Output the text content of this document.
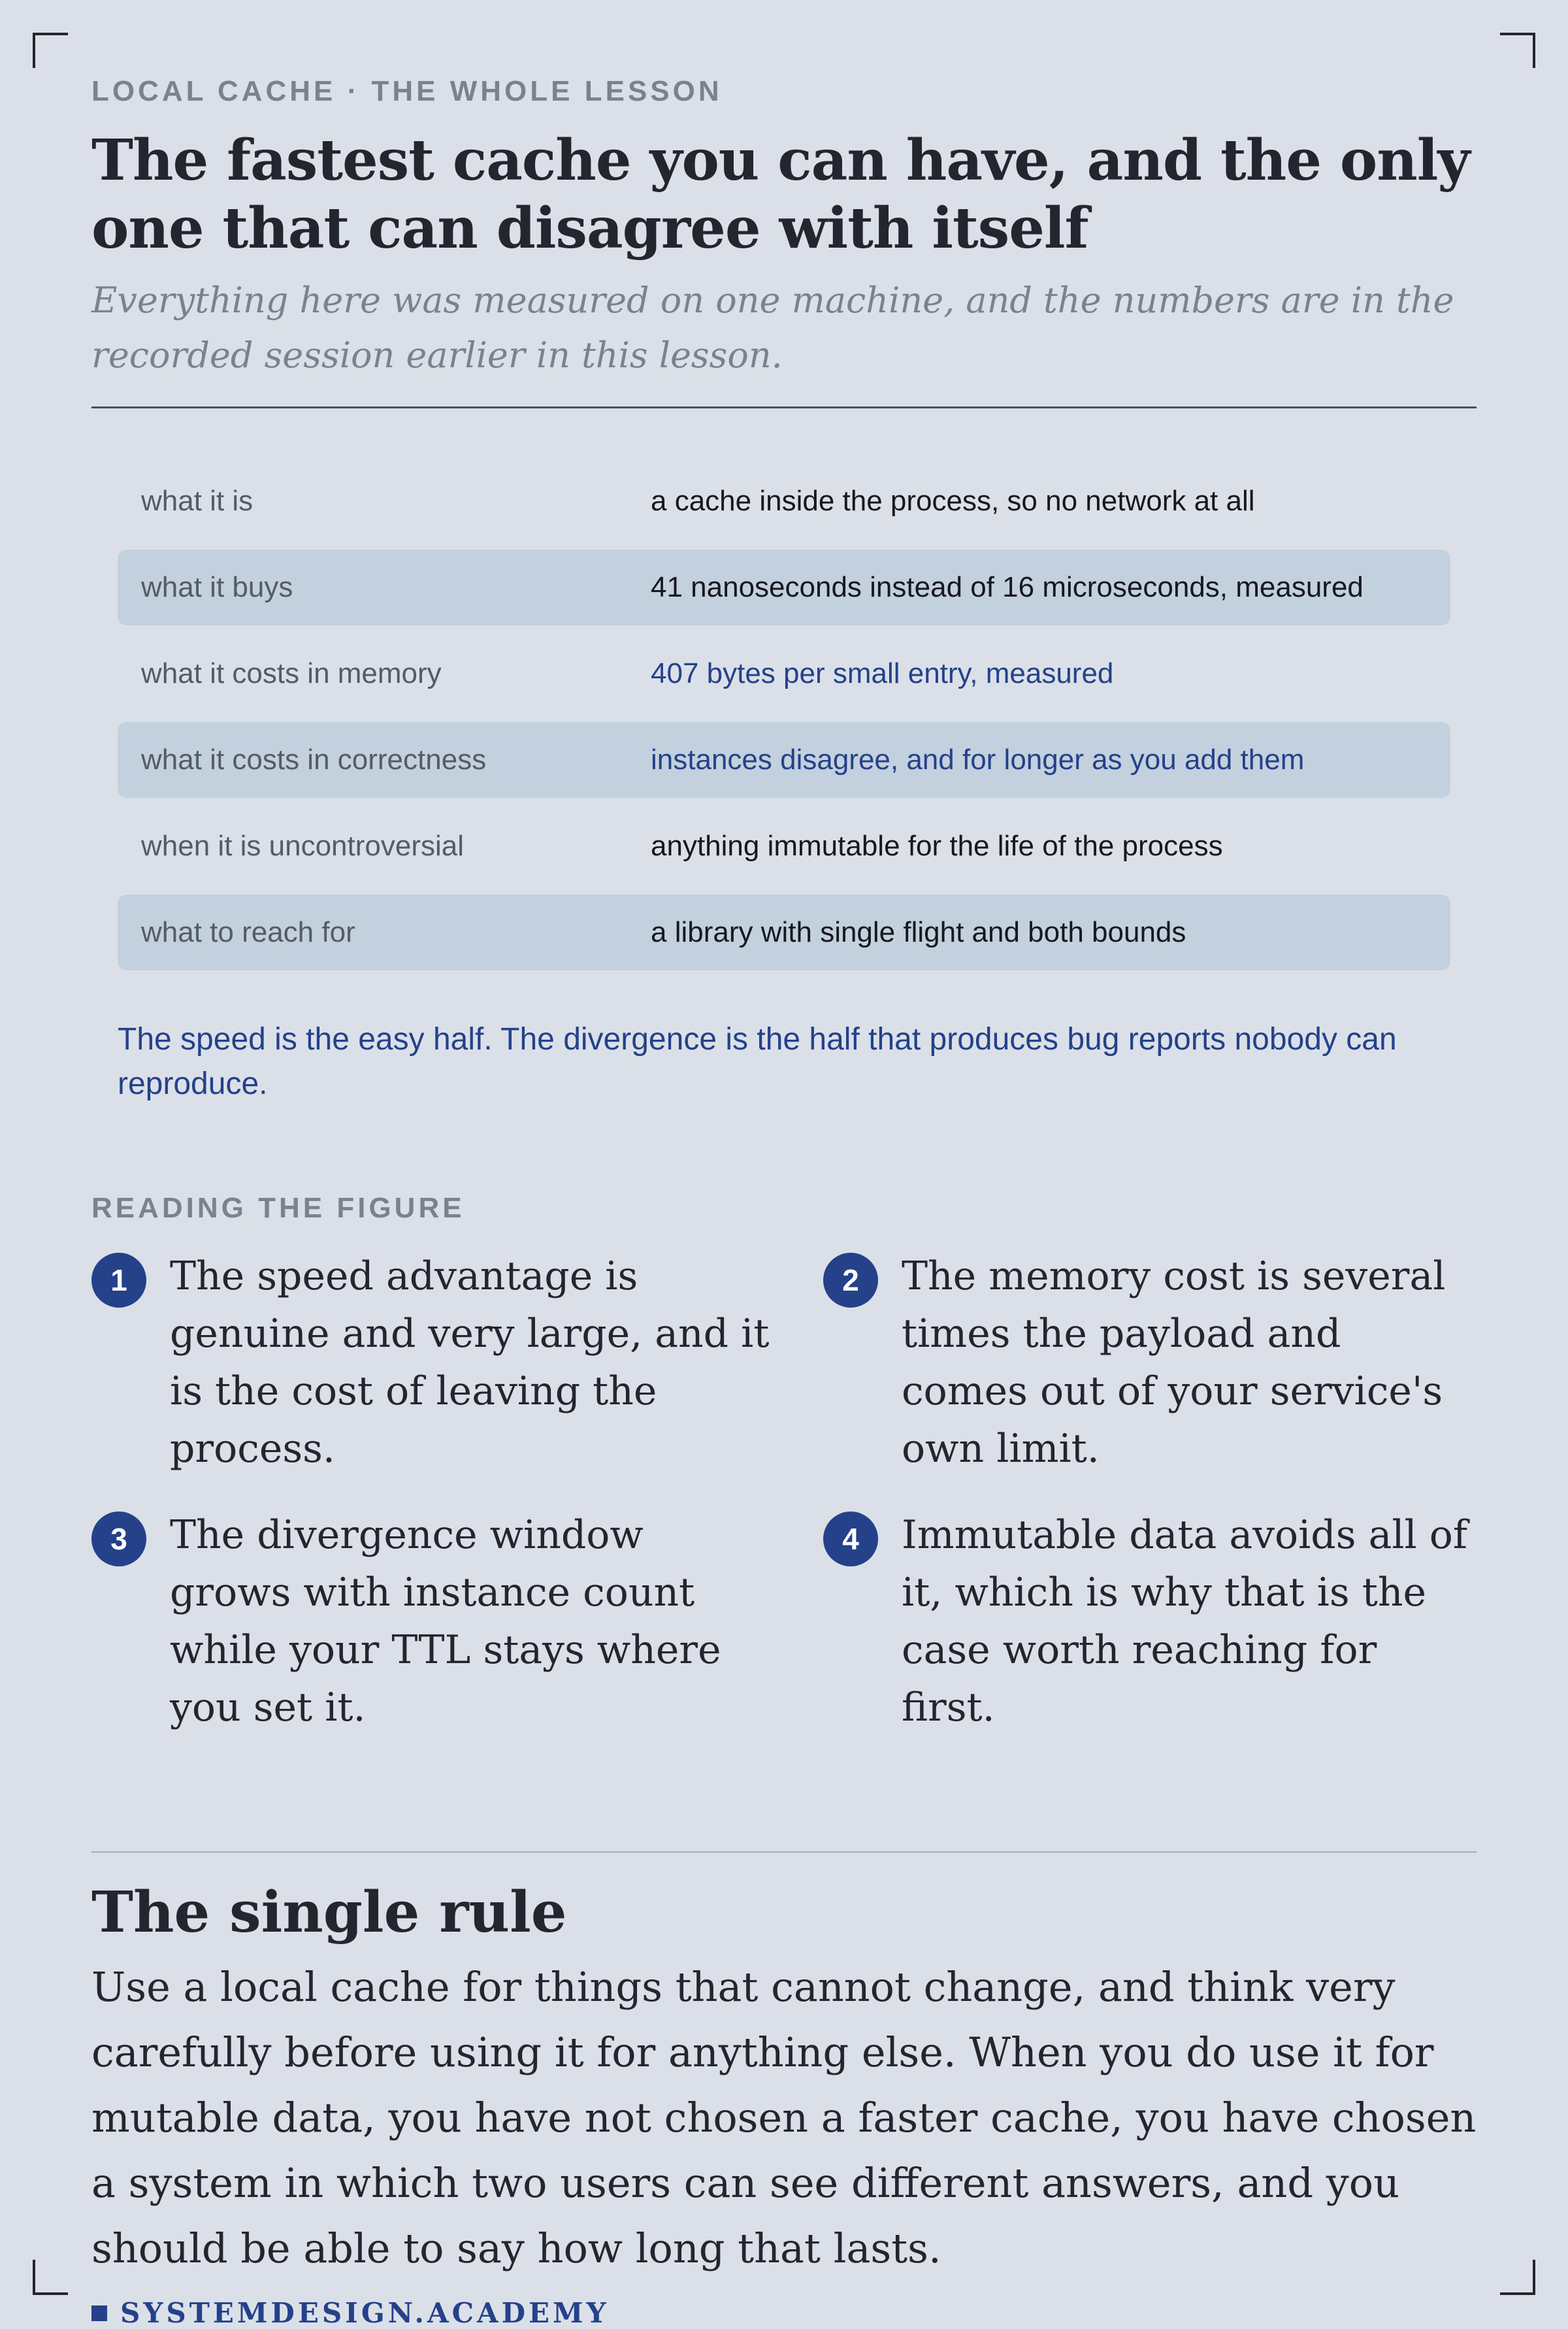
LOCAL CACHE · THE WHOLE LESSON

The fastest cache you can have, and the only one that can disagree with itself

Everything here was measured on one machine, and the numbers are in the recorded session earlier in this lesson.

what it is	a cache inside the process, so no network at all
what it buys	41 nanoseconds instead of 16 microseconds, measured
what it costs in memory	407 bytes per small entry, measured
what it costs in correctness	instances disagree, and for longer as you add them
when it is uncontroversial	anything immutable for the life of the process
what to reach for	a library with single flight and both bounds

The speed is the easy half. The divergence is the half that produces bug reports nobody can reproduce.

READING THE FIGURE

1	The speed advantage is genuine and very large, and it is the cost of leaving the process.
2	The memory cost is several times the payload and comes out of your service's own limit.
3	The divergence window grows with instance count while your TTL stays where you set it.
4	Immutable data avoids all of it, which is why that is the case worth reaching for first.
The single rule

Use a local cache for things that cannot change, and think very carefully before using it for anything else. When you do use it for mutable data, you have not chosen a faster cache, you have chosen a system in which two users can see different answers, and you should be able to say how long that lasts.

SYSTEMDESIGN.ACADEMY
